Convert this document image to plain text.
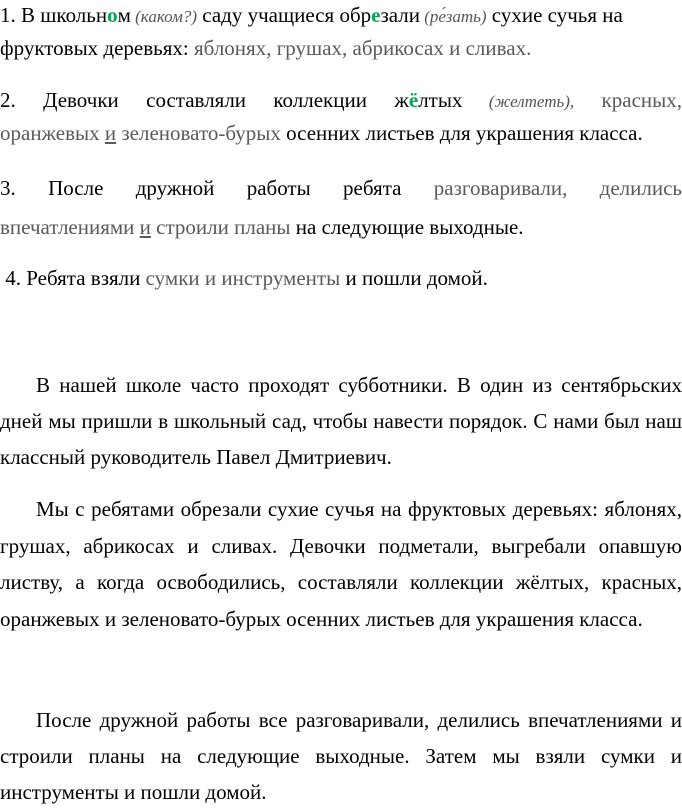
1. В школьном (каком?) саду учащиеся обрезали (ре́зать) сухие сучья на
фруктовых деревьях: яблонях, грушах, абрикосах и сливах.
2. Девочки составляли коллекции жёлтых (желтеть), красных,
оранжевых и зеленовато-бурых осенних листьев для украшения класса.
3. После дружной работы ребята разговаривали, делились
впечатлениями и строили планы на следующие выходные.
4. Ребята взяли сумки и инструменты и пошли домой.
В нашей школе часто проходят субботники. В один из сентябрьских дней мы пришли в школьный сад, чтобы навести порядок. С нами был наш классный руководитель Павел Дмитриевич.
Мы с ребятами обрезали сухие сучья на фруктовых деревьях: яблонях, грушах, абрикосах и сливах. Девочки подметали, выгребали опавшую листву, а когда освободились, составляли коллекции жёлтых, красных, оранжевых и зеленовато-бурых осенних листьев для украшения класса.
После дружной работы все разговаривали, делились впечатлениями и строили планы на следующие выходные. Затем мы взяли сумки и инструменты и пошли домой.
